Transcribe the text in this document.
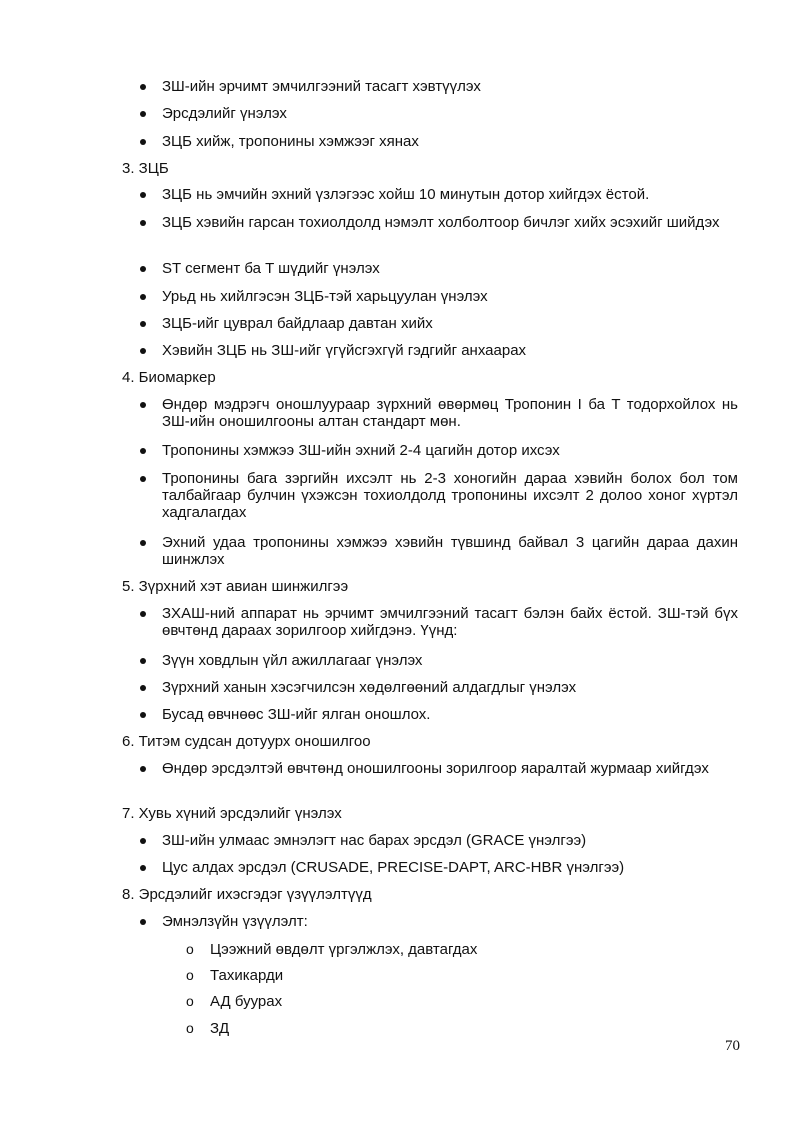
ЗШ-ийн эрчимт эмчилгээний тасагт хэвтүүлэх
Эрсдэлийг үнэлэх
ЗЦБ хийж, тропонины хэмжээг хянах
3. ЗЦБ
ЗЦБ нь эмчийн эхний үзлэгээс хойш 10 минутын дотор хийгдэх ёстой.
ЗЦБ хэвийн гарсан тохиолдолд нэмэлт холболтоор бичлэг хийх эсэхийг шийдэх
ST сегмент ба T шүдийг үнэлэх
Урьд нь хийлгэсэн ЗЦБ-тэй харьцуулан үнэлэх
ЗЦБ-ийг цуврал байдлаар давтан хийх
Хэвийн ЗЦБ нь ЗШ-ийг үгүйсгэхгүй гэдгийг анхаарах
4. Биомаркер
Өндөр мэдрэгч оношлуураар зүрхний өвөрмөц Тропонин I ба T тодорхойлох нь ЗШ-ийн оношилгооны алтан стандарт мөн.
Тропонины хэмжээ ЗШ-ийн эхний 2-4 цагийн дотор ихсэх
Тропонины бага зэргийн ихсэлт нь 2-3 хоногийн дараа хэвийн болох бол том талбайгаар булчин үхэжсэн тохиолдолд тропонины ихсэлт 2 долоо хоног хүртэл хадгалагдах
Эхний удаа тропонины хэмжээ хэвийн түвшинд байвал 3 цагийн дараа дахин шинжлэх
5. Зүрхний хэт авиан шинжилгээ
ЗХАШ-ний аппарат нь эрчимт эмчилгээний тасагт бэлэн байх ёстой. ЗШ-тэй бүх өвчтөнд дараах зорилгоор хийгдэнэ. Үүнд:
Зүүн ховдлын үйл ажиллагааг үнэлэх
Зүрхний ханын хэсэгчилсэн хөдөлгөөний алдагдлыг үнэлэх
Бусад өвчнөөс ЗШ-ийг ялган оношлох.
6. Титэм судсан дотуурх оношилгоо
Өндөр эрсдэлтэй өвчтөнд оношилгооны зорилгоор яаралтай журмаар хийгдэх
7. Хувь хүний эрсдэлийг үнэлэх
ЗШ-ийн улмаас эмнэлэгт нас барах эрсдэл (GRACE үнэлгээ)
Цус алдах эрсдэл (CRUSADE, PRECISE-DAPT, ARC-HBR үнэлгээ)
8. Эрсдэлийг ихэсгэдэг үзүүлэлтүүд
Эмнэлзүйн үзүүлэлт:
o Цээжний өвдөлт үргэлжлэх, давтагдах
o Тахикарди
o АД буурах
o ЗД
70
